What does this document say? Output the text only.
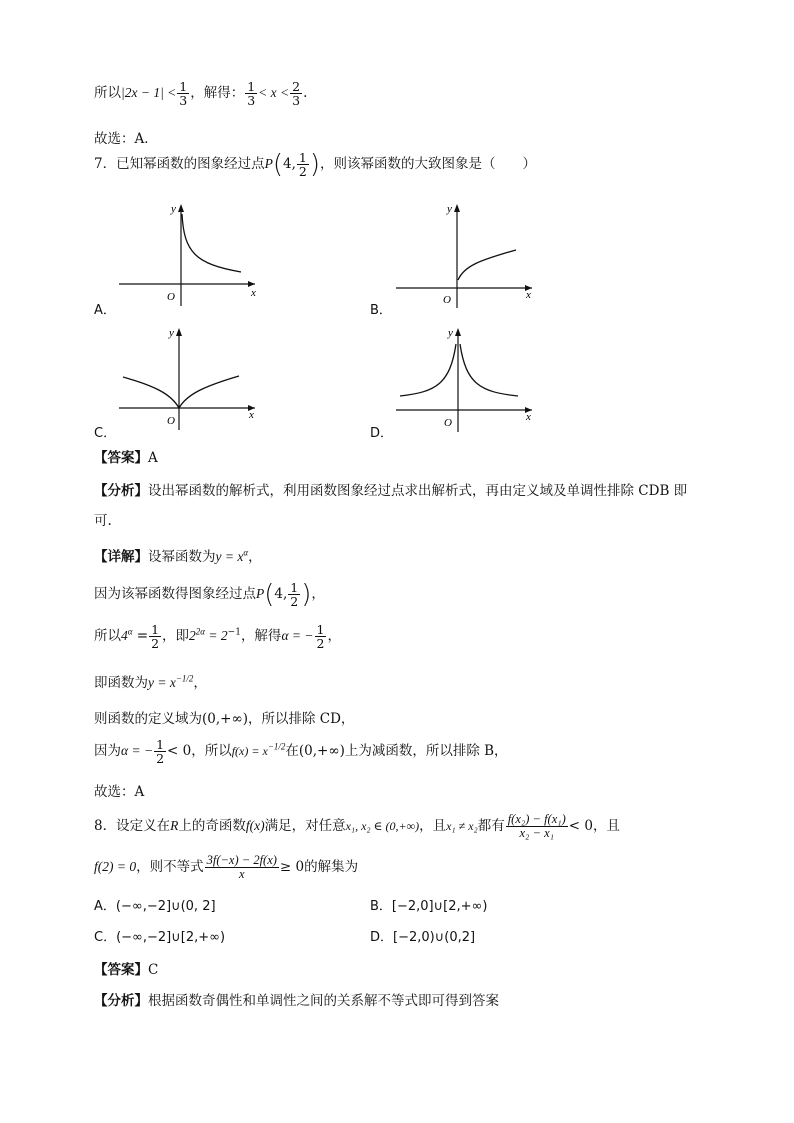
所以$|2x - 1| < \frac{1}{3}$ ，解得： $\frac{1}{3} < x < \frac{2}{3}$ .
故选：A．
7．已知幂函数的图象经过点P(4, $\frac{1}{2}$ )，则该幂函数的大致图象是（　　）
A．
y
x
O
B．
y
x
O
C．
y
x
O
D．
y
x
O
【答案】A
【分析】设出幂函数的解析式，利用函数图象经过点求出解析式，再由定义域及单调性排除 CDB 即
可.
【详解】设幂函数为$y = x^\alpha$，
因为该幂函数得图象经过点P(4, $\frac{1}{2}$ )，
所以$4^\alpha = \frac{1}{2}$ ，即$2^{2\alpha} = 2^{-1}$，解得α = − $\frac{1}{2}$ ，
即函数为$y = x^{-1/2}$，
则函数的定义域为(0,+∞)，所以排除 CD，
因为α = − $\frac{1}{2} < 0$，所以$f(x) = x^{-1/2}$在(0,+∞)上为减函数，所以排除 B，
故选：A
8．设定义在R上的奇函数f(x)满足，对任意x₁, x₂ ∈ (0,+∞)，且x₁ ≠ x₂都有 $\frac{\text{f(x₂) − f(x₁)}}{\text{x₂ − x₁}} < 0$，且
f(2) = 0，则不等式 $\frac{3f(-x) - 2f(x)}{x} \ge 0$的解集为
A．(−∞,−2]∪(0, 2]	B．[−2,0]∪[2,+∞)
C．(−∞,−2]∪[2,+∞)	D．[−2,0)∪(0,2]
【答案】C
【分析】根据函数奇偶性和单调性之间的关系解不等式即可得到答案
